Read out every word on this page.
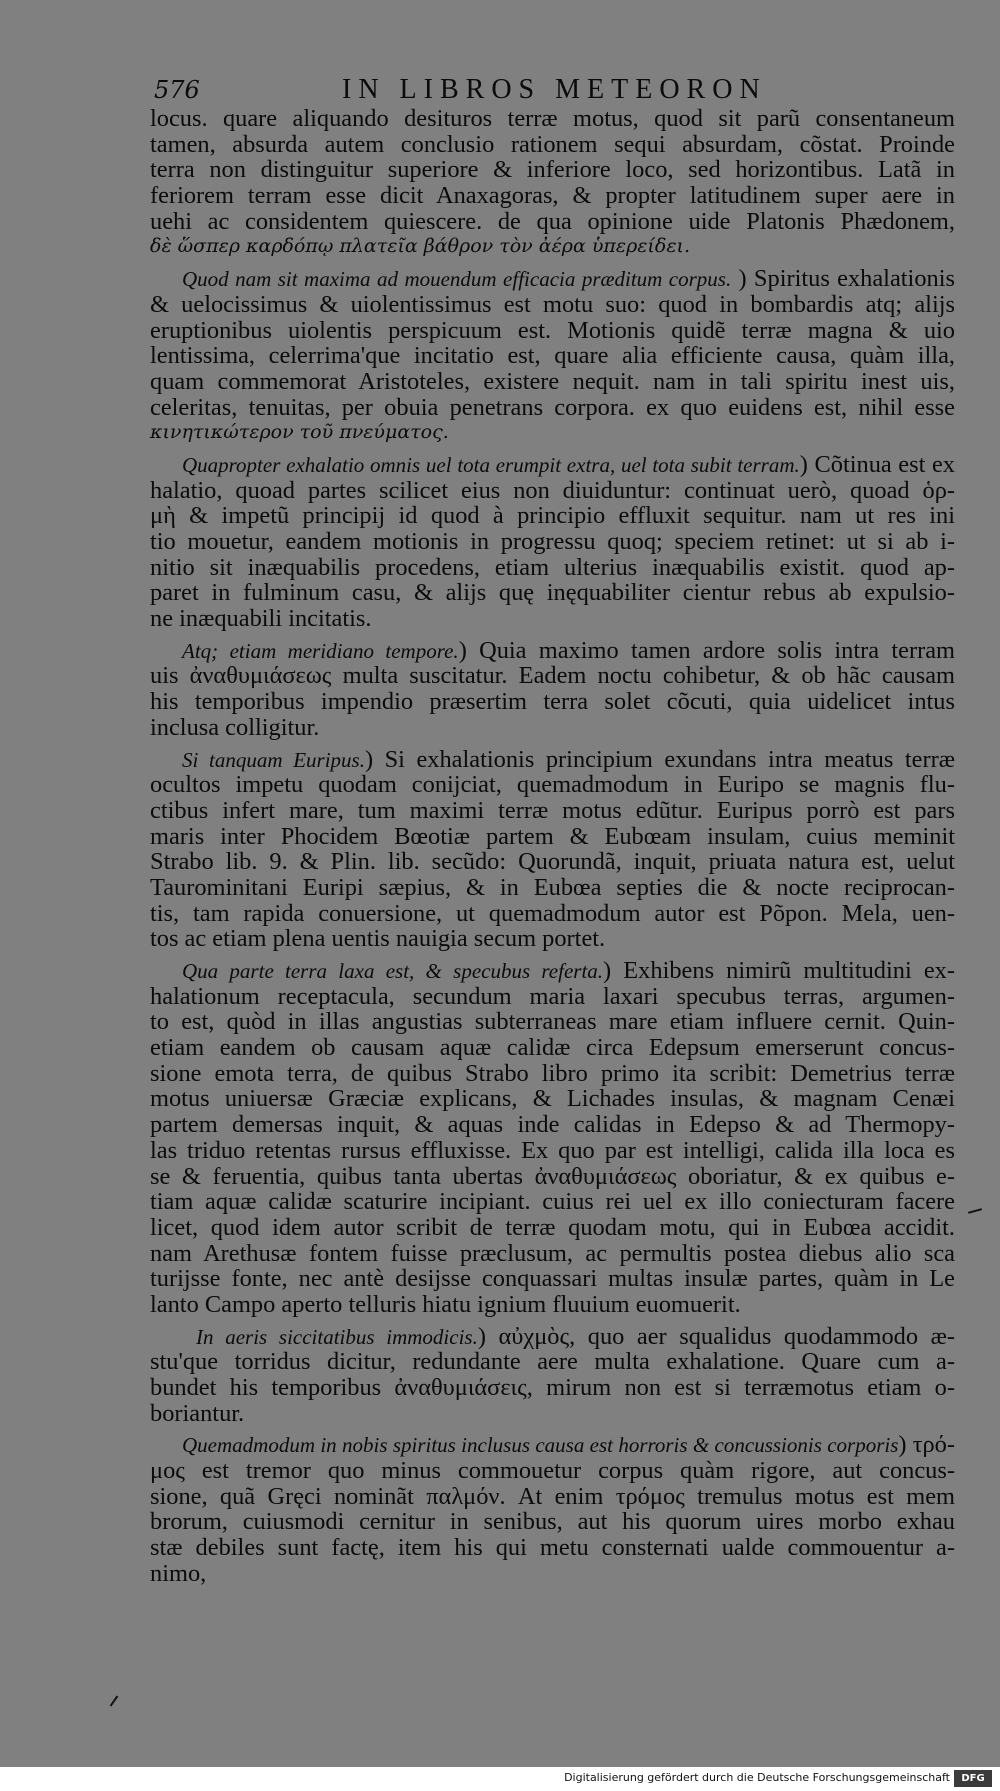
576	IN LIBROS METEORON
locus. quare aliquando desituros terræ motus, quod sit parũ consentaneum
tamen, absurda autem conclusio rationem sequi absurdam, cõstat. Proinde
terra non distinguitur superiore & inferiore loco, sed horizontibus. Latã in
feriorem terram esse dicit Anaxagoras, & propter latitudinem super aere in
uehi ac considentem quiescere. de qua opinione uide Platonis Phædonem,
δὲ ὥσπερ καρδόπῳ πλατεῖα βάθρον τὸν ἀέρα ὑπερείδει.
Quod nam sit maxima ad mouendum efficacia præditum corpus. ) Spiritus exhalationis
& uelocissimus & uiolentissimus est motu suo: quod in bombardis atq; alijs
eruptionibus uiolentis perspicuum est. Motionis quidẽ terræ magna & uio
lentissima, celerrima'que incitatio est, quare alia efficiente causa, quàm illa,
quam commemorat Aristoteles, existere nequit. nam in tali spiritu inest uis,
celeritas, tenuitas, per obuia penetrans corpora. ex quo euidens est, nihil esse
κινητικώτερον τοῦ πνεύματος.
Quapropter exhalatio omnis uel tota erumpit extra, uel tota subit terram.) Cõtinua est ex
halatio, quoad partes scilicet eius non diuiduntur: continuat uerò, quoad ὁρ-
μὴ & impetũ principij id quod à principio effluxit sequitur. nam ut res ini
tio mouetur, eandem motionis in progressu quoq; speciem retinet: ut si ab i-
nitio sit inæquabilis procedens, etiam ulterius inæquabilis existit. quod ap-
paret in fulminum casu, & alijs quę inęquabiliter cientur rebus ab expulsio-
ne inæquabili incitatis.
Atq; etiam meridiano tempore.) Quia maximo tamen ardore solis intra terram
uis ἀναθυμιάσεως multa suscitatur. Eadem noctu cohibetur, & ob hãc causam
his temporibus impendio præsertim terra solet cõcuti, quia uidelicet intus
inclusa colligitur.
Si tanquam Euripus.) Si exhalationis principium exundans intra meatus terræ
ocultos impetu quodam conijciat, quemadmodum in Euripo se magnis flu-
ctibus infert mare, tum maximi terræ motus edũtur. Euripus porrò est pars
maris inter Phocidem Bœotiæ partem & Eubœam insulam, cuius meminit
Strabo lib. 9. & Plin. lib. secũdo: Quorundã, inquit, priuata natura est, uelut
Taurominitani Euripi sæpius, & in Eubœa septies die & nocte reciprocan-
tis, tam rapida conuersione, ut quemadmodum autor est Põpon. Mela, uen-
tos ac etiam plena uentis nauigia secum portet.
Qua parte terra laxa est, & specubus referta.) Exhibens nimirũ multitudini ex-
halationum receptacula, secundum maria laxari specubus terras, argumen-
to est, quòd in illas angustias subterraneas mare etiam influere cernit. Quin-
etiam eandem ob causam aquæ calidæ circa Edepsum emerserunt concus-
sione emota terra, de quibus Strabo libro primo ita scribit: Demetrius terræ
motus uniuersæ Græciæ explicans, & Lichades insulas, & magnam Cenæi
partem demersas inquit, & aquas inde calidas in Edepso & ad Thermopy-
las triduo retentas rursus effluxisse. Ex quo par est intelligi, calida illa loca es
se & feruentia, quibus tanta ubertas ἀναθυμιάσεως oboriatur, & ex quibus e-
tiam aquæ calidæ scaturire incipiant. cuius rei uel ex illo coniecturam facere
licet, quod idem autor scribit de terræ quodam motu, qui in Eubœa accidit.
nam Arethusæ fontem fuisse præclusum, ac permultis postea diebus alio sca
turijsse fonte, nec antè desijsse conquassari multas insulæ partes, quàm in Le
lanto Campo aperto telluris hiatu ignium fluuium euomuerit.
In aeris siccitatibus immodicis.) αὐχμὸς, quo aer squalidus quodammodo æ-
stu'que torridus dicitur, redundante aere multa exhalatione. Quare cum a-
bundet his temporibus ἀναθυμιάσεις, mirum non est si terræmotus etiam o-
boriantur.
Quemadmodum in nobis spiritus inclusus causa est horroris & concussionis corporis) τρό-
μος est tremor quo minus commouetur corpus quàm rigore, aut concus-
sione, quã Gręci nominãt παλμόν. At enim τρόμος tremulus motus est mem
brorum, cuiusmodi cernitur in senibus, aut his quorum uires morbo exhau
stæ debiles sunt factę, item his qui metu consternati ualde commouentur a-
nimo,
Digitalisierung gefördert durch die Deutsche Forschungsgemeinschaft	DFG
